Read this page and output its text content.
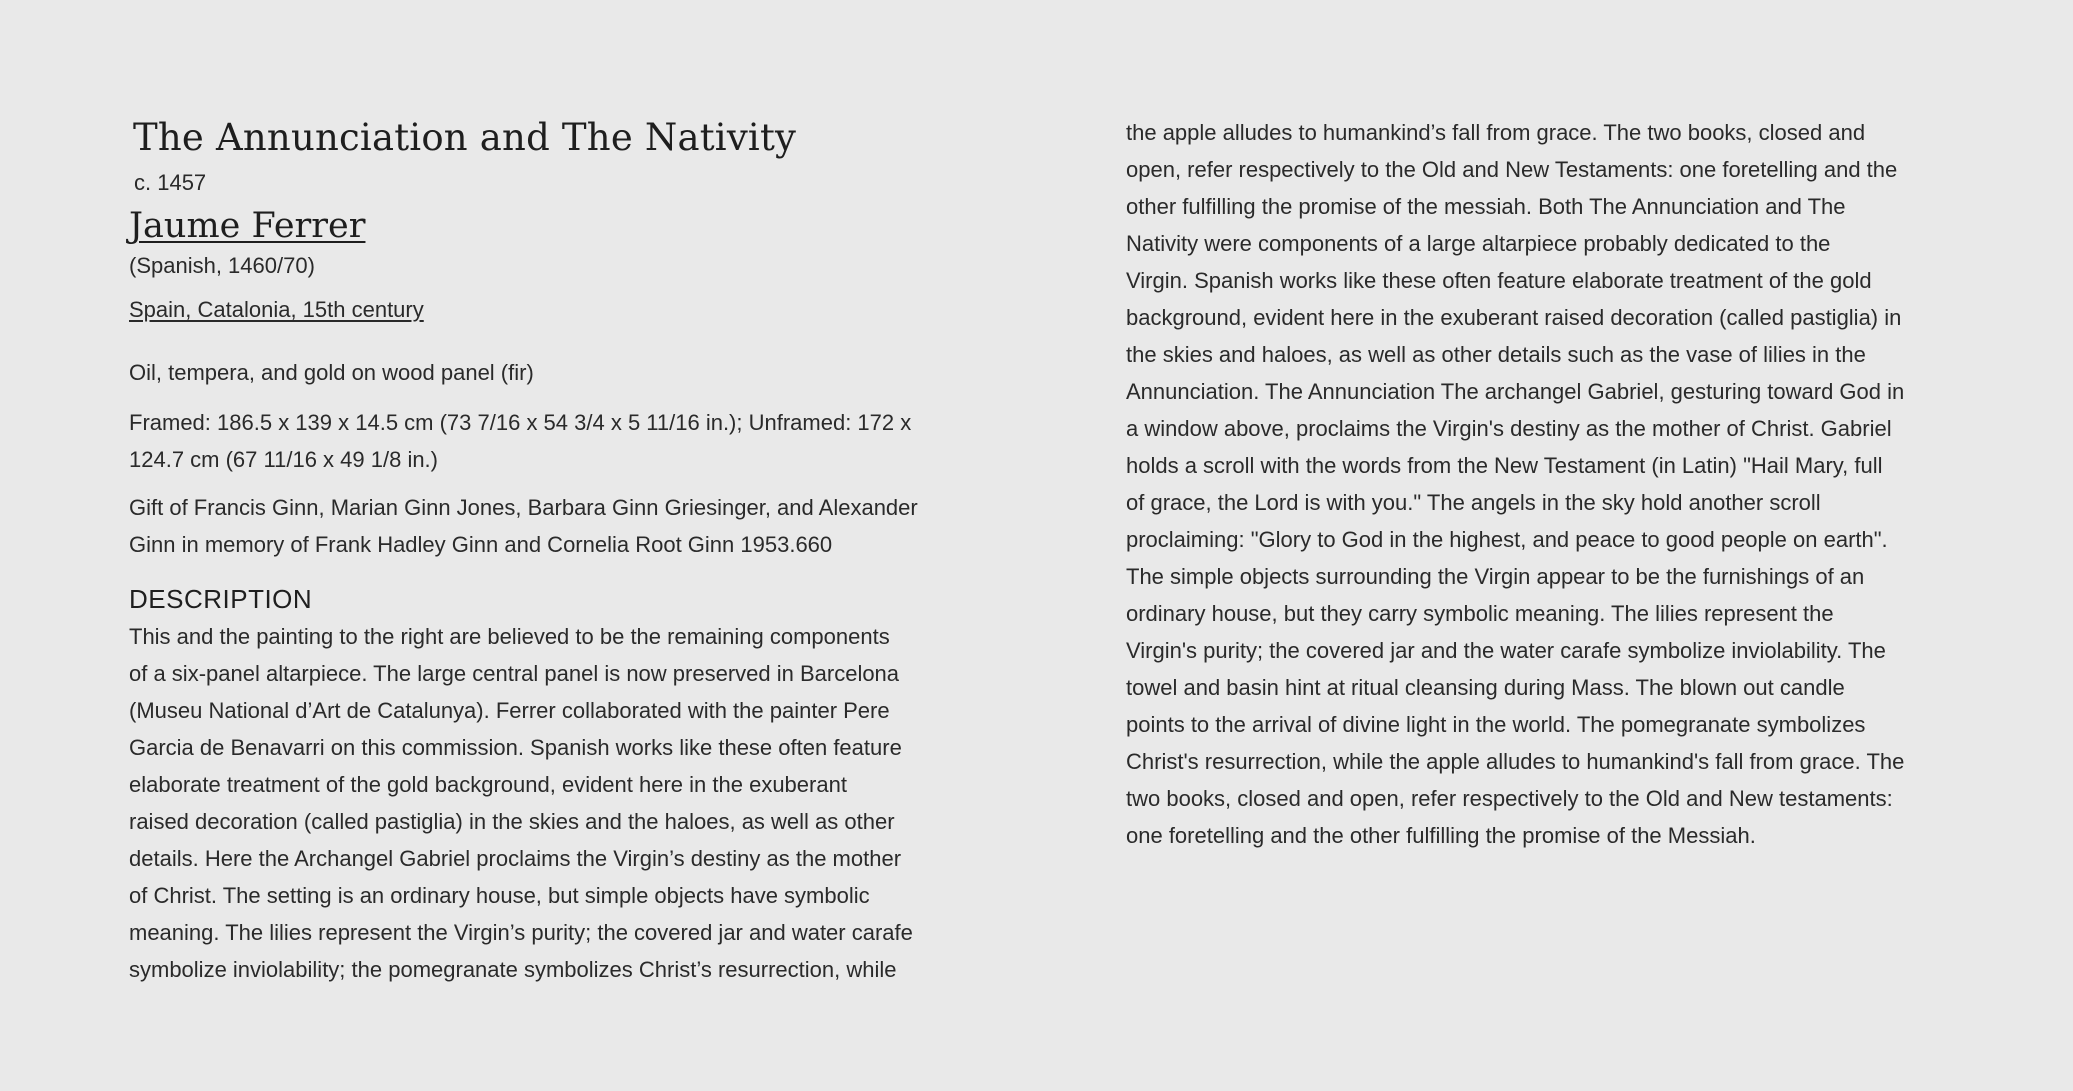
The Annunciation and The Nativity
c. 1457
Jaume Ferrer
(Spanish, 1460/70)
Spain, Catalonia, 15th century
Oil, tempera, and gold on wood panel (fir)
Framed: 186.5 x 139 x 14.5 cm (73 7/16 x 54 3/4 x 5 11/16 in.); Unframed: 172 x
124.7 cm (67 11/16 x 49 1/8 in.)
Gift of Francis Ginn, Marian Ginn Jones, Barbara Ginn Griesinger, and Alexander
Ginn in memory of Frank Hadley Ginn and Cornelia Root Ginn 1953.660
DESCRIPTION
This and the painting to the right are believed to be the remaining components
of a six-panel altarpiece. The large central panel is now preserved in Barcelona
(Museu National d’Art de Catalunya). Ferrer collaborated with the painter Pere
Garcia de Benavarri on this commission. Spanish works like these often feature
elaborate treatment of the gold background, evident here in the exuberant
raised decoration (called pastiglia) in the skies and the haloes, as well as other
details. Here the Archangel Gabriel proclaims the Virgin’s destiny as the mother
of Christ. The setting is an ordinary house, but simple objects have symbolic
meaning. The lilies represent the Virgin’s purity; the covered jar and water carafe
symbolize inviolability; the pomegranate symbolizes Christ’s resurrection, while
the apple alludes to humankind’s fall from grace. The two books, closed and
open, refer respectively to the Old and New Testaments: one foretelling and the
other fulfilling the promise of the messiah. Both The Annunciation and The
Nativity were components of a large altarpiece probably dedicated to the
Virgin. Spanish works like these often feature elaborate treatment of the gold
background, evident here in the exuberant raised decoration (called pastiglia) in
the skies and haloes, as well as other details such as the vase of lilies in the
Annunciation. The Annunciation The archangel Gabriel, gesturing toward God in
a window above, proclaims the Virgin's destiny as the mother of Christ. Gabriel
holds a scroll with the words from the New Testament (in Latin) "Hail Mary, full
of grace, the Lord is with you." The angels in the sky hold another scroll
proclaiming: "Glory to God in the highest, and peace to good people on earth".
The simple objects surrounding the Virgin appear to be the furnishings of an
ordinary house, but they carry symbolic meaning. The lilies represent the
Virgin's purity; the covered jar and the water carafe symbolize inviolability. The
towel and basin hint at ritual cleansing during Mass. The blown out candle
points to the arrival of divine light in the world. The pomegranate symbolizes
Christ's resurrection, while the apple alludes to humankind's fall from grace. The
two books, closed and open, refer respectively to the Old and New testaments:
one foretelling and the other fulfilling the promise of the Messiah.
